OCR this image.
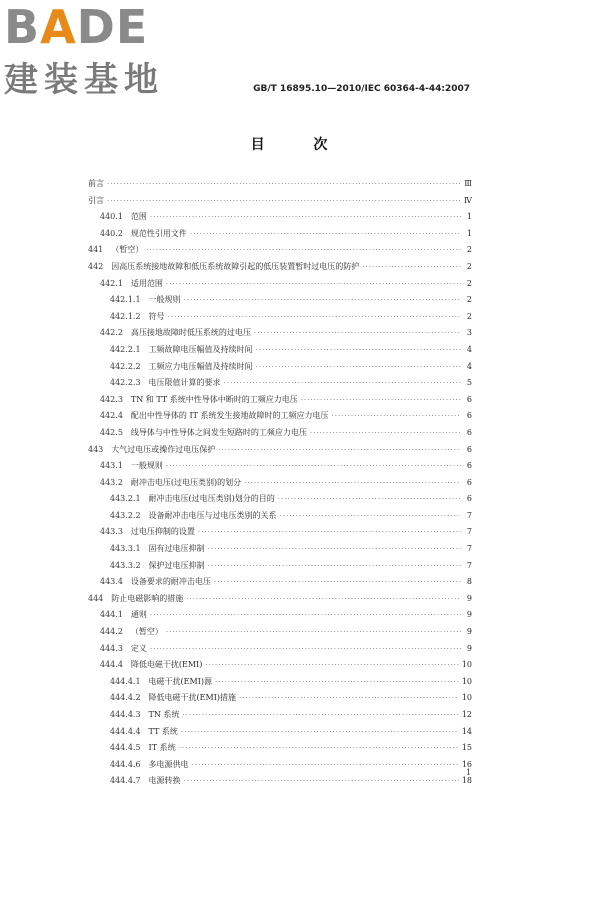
BADE
建装基地	GB/T 16895.10—2010/IEC 60364-4-44:2007
目 次
前言 ·····	Ⅲ
引言 ·····	Ⅳ
440.1 范围 ·····	1
440.2 规范性引用文件 ·····	1
441 （暂空） ·····	2
442 因高压系统接地故障和低压系统故障引起的低压装置暂时过电压的防护 ·····	2
442.1 适用范围 ·····	2
442.1.1 一般规则 ·····	2
442.1.2 符号 ·····	2
442.2 高压接地故障时低压系统的过电压 ·····	3
442.2.1 工频故障电压幅值及持续时间 ·····	4
442.2.2 工频应力电压幅值及持续时间 ·····	4
442.2.3 电压限值计算的要求 ·····	5
442.3 TN 和 TT 系统中性导体中断时的工频应力电压 ·····	6
442.4 配出中性导体的 IT 系统发生接地故障时的工频应力电压 ·····	6
442.5 线导体与中性导体之间发生短路时的工频应力电压 ·····	6
443 大气过电压或操作过电压保护 ·····	6
443.1 一般规则 ·····	6
443.2 耐冲击电压(过电压类别)的划分 ·····	6
443.2.1 耐冲击电压(过电压类别)划分的目的 ·····	6
443.2.2 设备耐冲击电压与过电压类别的关系 ·····	7
443.3 过电压抑制的设置 ·····	7
443.3.1 固有过电压抑制 ·····	7
443.3.2 保护过电压抑制 ·····	7
443.4 设备要求的耐冲击电压 ·····	8
444 防止电磁影响的措施 ·····	9
444.1 通则 ·····	9
444.2 （暂空） ·····	9
444.3 定义 ·····	9
444.4 降低电磁干扰(EMI) ·····	10
444.4.1 电磁干扰(EMI)源 ·····	10
444.4.2 降低电磁干扰(EMI)措施 ·····	10
444.4.3 TN 系统 ·····	12
444.4.4 TT 系统 ·····	14
444.4.5 IT 系统 ·····	15
444.4.6 多电源供电 ·····	16
444.4.7 电源转换 ·····	18
1
